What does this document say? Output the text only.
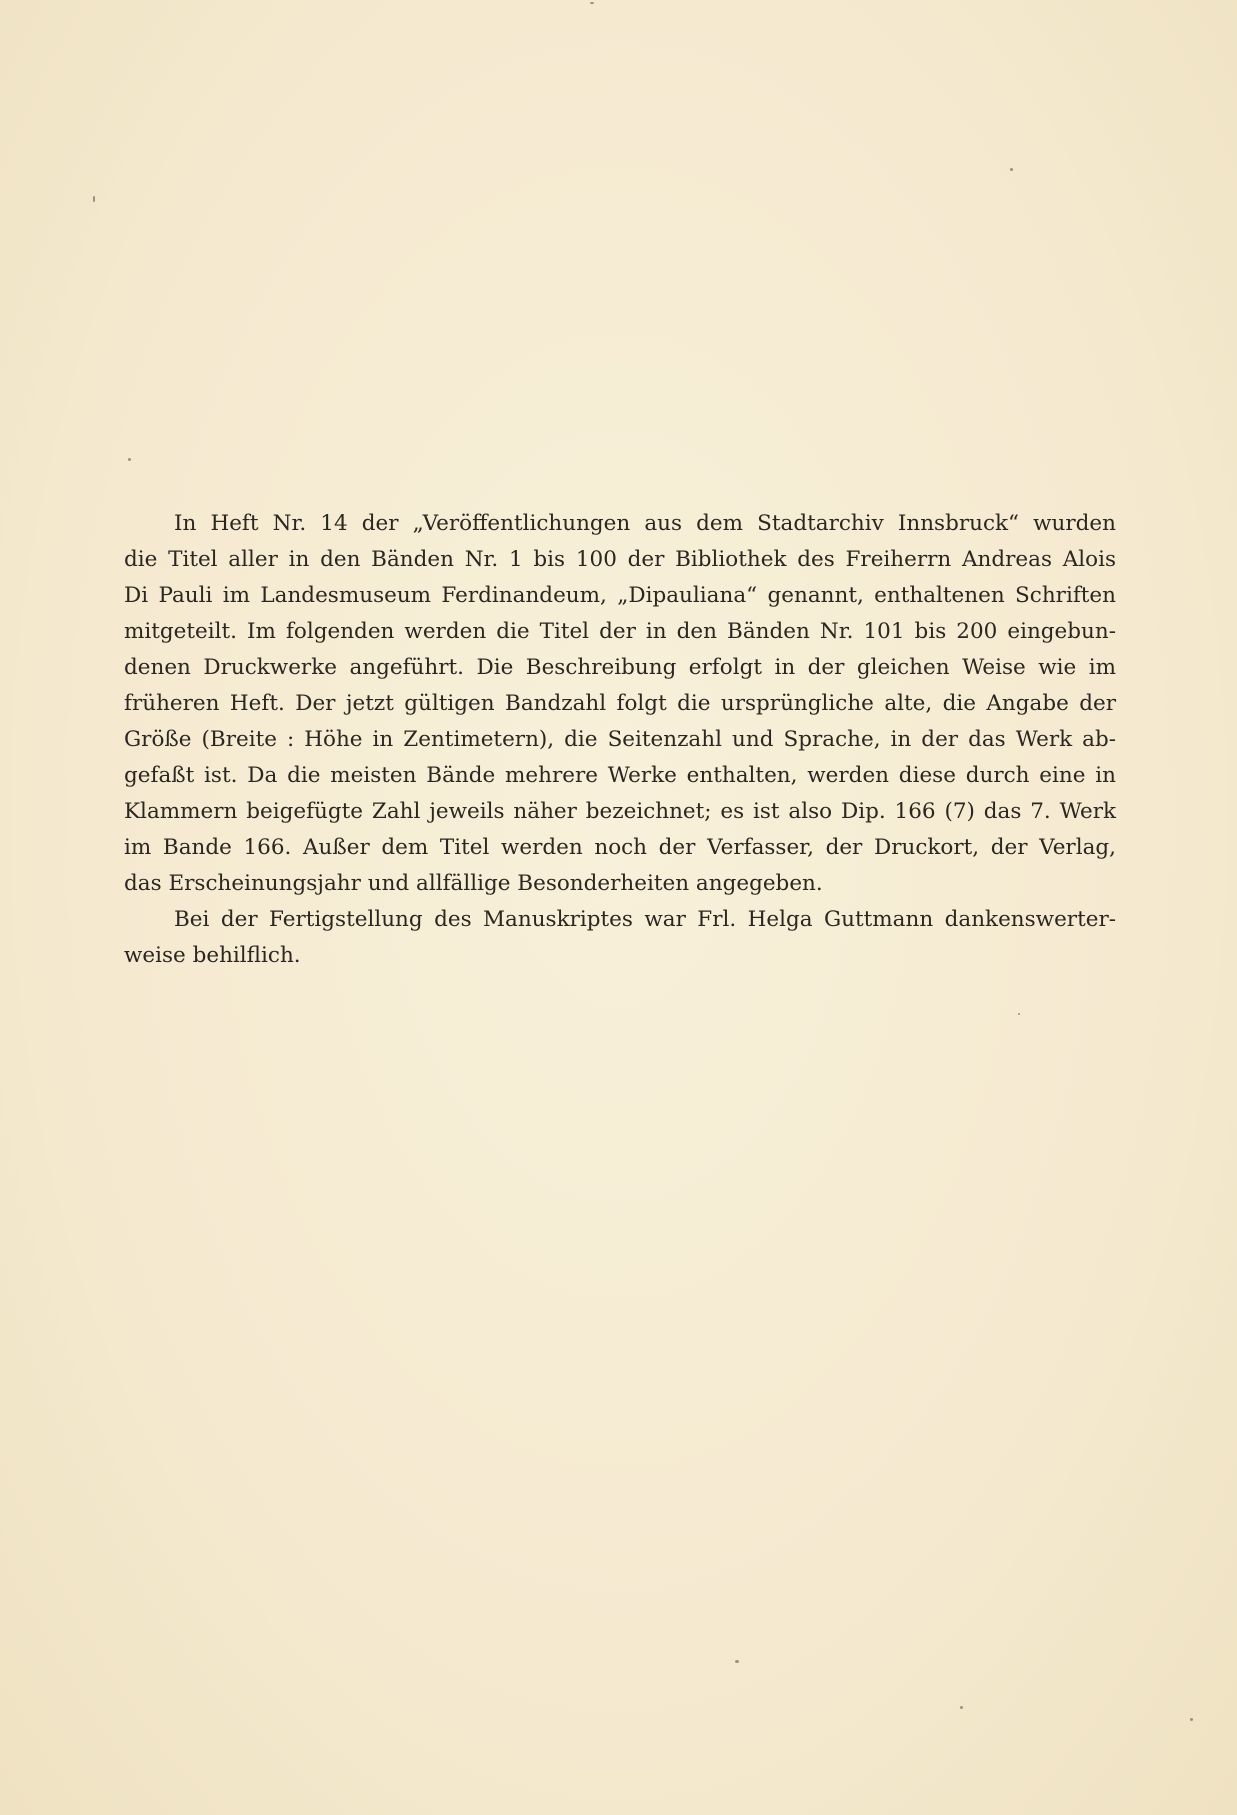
In Heft Nr. 14 der „Veröffentlichungen aus dem Stadtarchiv Innsbruck“ wurden
die Titel aller in den Bänden Nr. 1 bis 100 der Bibliothek des Freiherrn Andreas Alois
Di Pauli im Landesmuseum Ferdinandeum, „Dipauliana“ genannt, enthaltenen Schriften
mitgeteilt. Im folgenden werden die Titel der in den Bänden Nr. 101 bis 200 eingebun-
denen Druckwerke angeführt. Die Beschreibung erfolgt in der gleichen Weise wie im
früheren Heft. Der jetzt gültigen Bandzahl folgt die ursprüngliche alte, die Angabe der
Größe (Breite : Höhe in Zentimetern), die Seitenzahl und Sprache, in der das Werk ab-
gefaßt ist. Da die meisten Bände mehrere Werke enthalten, werden diese durch eine in
Klammern beigefügte Zahl jeweils näher bezeichnet; es ist also Dip. 166 (7) das 7. Werk
im Bande 166. Außer dem Titel werden noch der Verfasser, der Druckort, der Verlag,
das Erscheinungsjahr und allfällige Besonderheiten angegeben.
Bei der Fertigstellung des Manuskriptes war Frl. Helga Guttmann dankenswerter-
weise behilflich.
